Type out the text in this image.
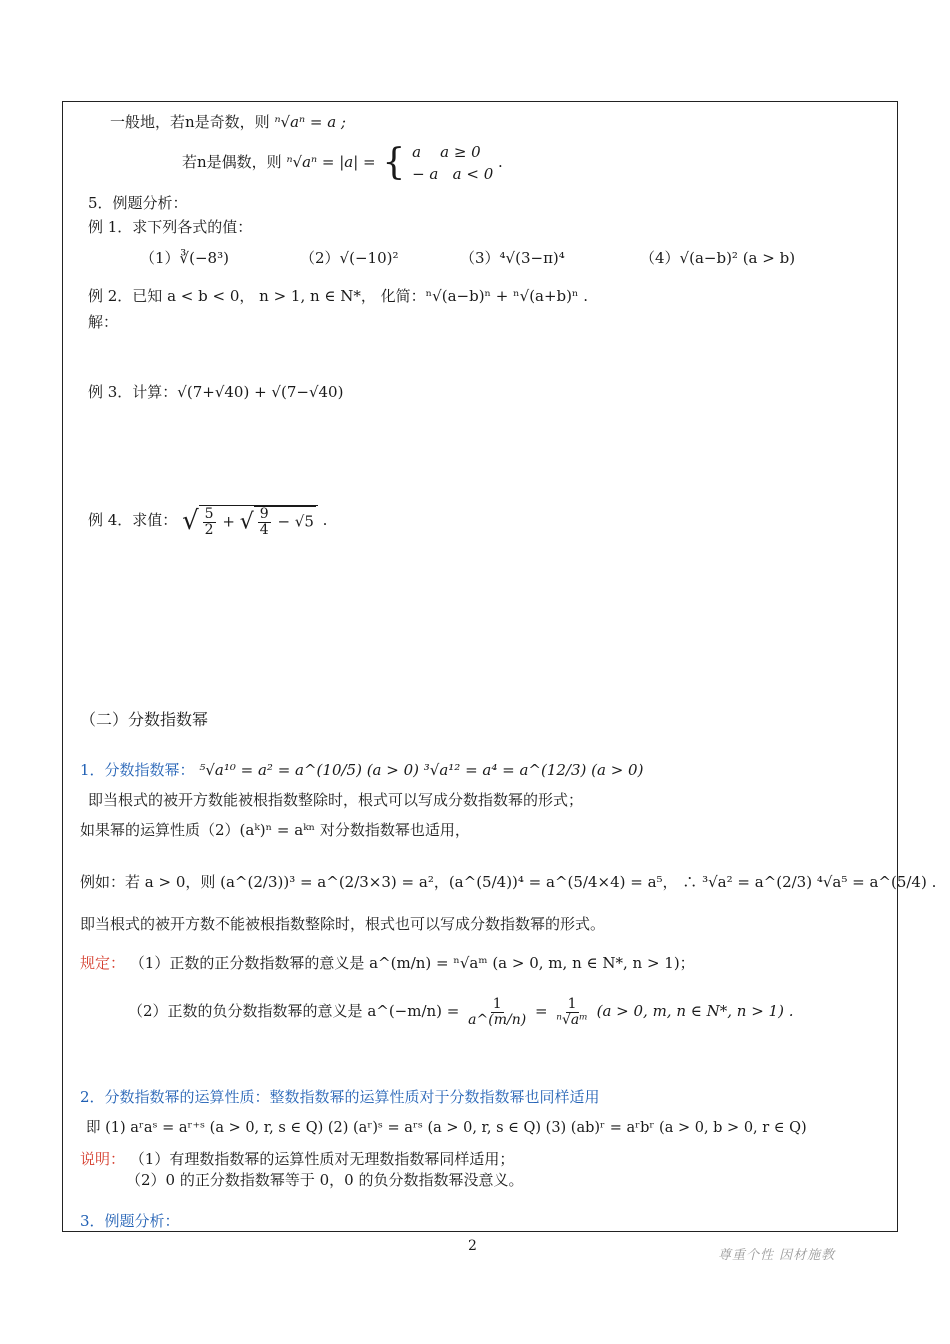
一般地，若n是奇数，则 ⁿ√aⁿ = a ;
若n是偶数，则 ⁿ√aⁿ = |a| = { a a ≥ 0
− a a < 0 .
5．例题分析：
例 1．求下列各式的值：
（1）∛(−8³)	（2）√(−10)²	（3）⁴√(3−π)⁴	（4）√(a−b)² (a > b)
例 2．已知 a < b < 0， n > 1, n ∈ N*， 化简：ⁿ√(a−b)ⁿ + ⁿ√(a+b)ⁿ .
解：
例 3．计算：√(7+√40) + √(7−√40)
例 4．求值： √ $\frac{5}{2}$ + √ $\frac{9}{4} - √5$ .
（二）分数指数幂
1．分数指数幂： ⁵√a¹⁰ = a² = a^(10/5) (a > 0) ³√a¹² = a⁴ = a^(12/3) (a > 0)
即当根式的被开方数能被根指数整除时，根式可以写成分数指数幂的形式；
如果幂的运算性质（2）(aᵏ)ⁿ = aᵏⁿ 对分数指数幂也适用，
例如：若 a > 0，则 (a^(2/3))³ = a^(2/3×3) = a²，(a^(5/4))⁴ = a^(5/4×4) = a⁵， ∴ ³√a² = a^(2/3) ⁴√a⁵ = a^(5/4) .
即当根式的被开方数不能被根指数整除时，根式也可以写成分数指数幂的形式。
规定： （1）正数的正分数指数幂的意义是 a^(m/n) = ⁿ√aᵐ (a > 0, m, n ∈ N*, n > 1)；
（2）正数的负分数指数幂的意义是 a^(−m/n) = $\frac{1}{a\^{}(m/n)} = \frac{1}{\text{ⁿ√aᵐ}} (a > 0$, m, n ∈ N*, n > 1) .
2．分数指数幂的运算性质：整数指数幂的运算性质对于分数指数幂也同样适用
即 (1) aʳaˢ = aʳ⁺ˢ (a > 0, r, s ∈ Q) (2) (aʳ)ˢ = aʳˢ (a > 0, r, s ∈ Q) (3) (ab)ʳ = aʳbʳ (a > 0, b > 0, r ∈ Q)
说明： （1）有理数指数幂的运算性质对无理数指数幂同样适用；
（2）0 的正分数指数幂等于 0，0 的负分数指数幂没意义。
3．例题分析：
2
尊重个性 因材施教
